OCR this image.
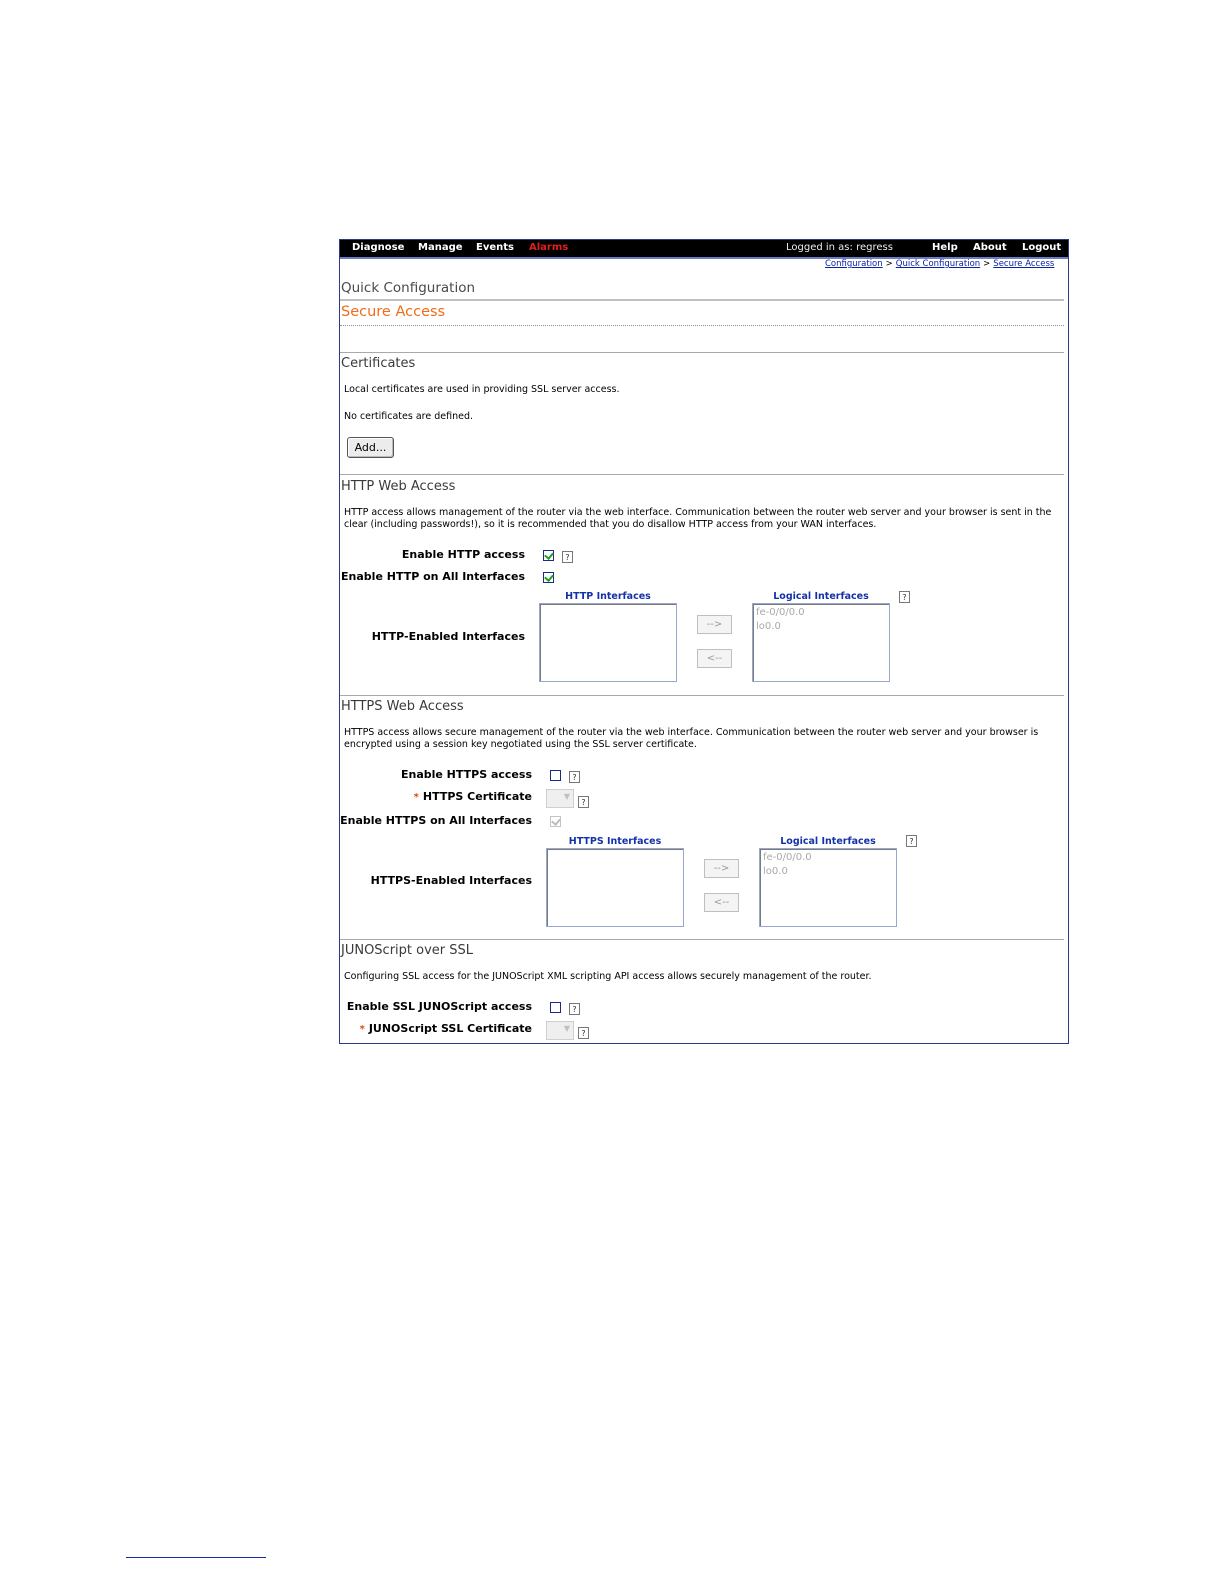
Diagnose Manage Events Alarms	Logged in as: regress	Help About Logout
Configuration > Quick Configuration > Secure Access
Quick Configuration
Secure Access
Certificates
Local certificates are used in providing SSL server access.
No certificates are defined.
Add...
HTTP Web Access
HTTP access allows management of the router via the web interface. Communication between the router web server and your browser is sent in the clear (including passwords!), so it is recommended that you do disallow HTTP access from your WAN interfaces.
Enable HTTP access	?
Enable HTTP on All Interfaces
HTTP Interfaces	Logical Interfaces	?
HTTP-Enabled Interfaces
-->
<--
fe-0/0/0.0
lo0.0
HTTPS Web Access
HTTPS access allows secure management of the router via the web interface. Communication between the router web server and your browser is encrypted using a session key negotiated using the SSL server certificate.
Enable HTTPS access	?
* HTTPS Certificate ▼	?
Enable HTTPS on All Interfaces
HTTPS Interfaces	Logical Interfaces	?
HTTPS-Enabled Interfaces
-->
<--
fe-0/0/0.0
lo0.0
JUNOScript over SSL
Configuring SSL access for the JUNOScript XML scripting API access allows securely management of the router.
Enable SSL JUNOScript access	?
* JUNOScript SSL Certificate ▼	?
